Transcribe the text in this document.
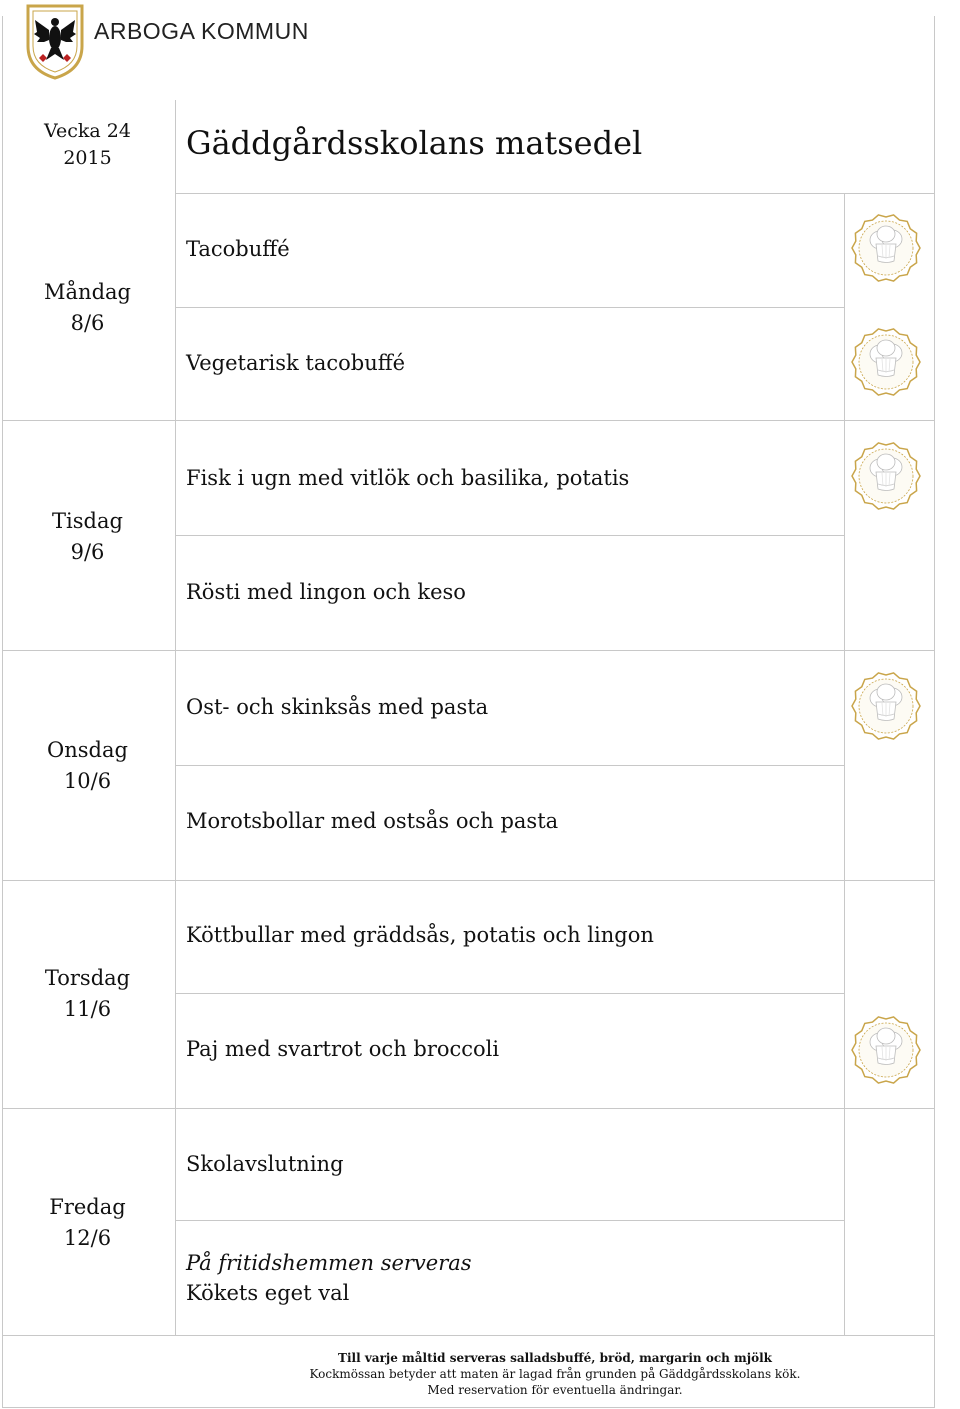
ARBOGA KOMMUN
Vecka 24
2015	Gäddgårdsskolans matsedel
Måndag
8/6
Tacobuffé
Vegetarisk tacobuffé
Tisdag
9/6
Fisk i ugn med vitlök och basilika, potatis
Rösti med lingon och keso
Onsdag
10/6
Ost- och skinksås med pasta
Morotsbollar med ostsås och pasta
Torsdag
11/6
Köttbullar med gräddsås, potatis och lingon
Paj med svartrot och broccoli
Fredag
12/6
Skolavslutning
På fritidshemmen serveras
Kökets eget val
Till varje måltid serveras salladsbuffé, bröd, margarin och mjölk
Kockmössan betyder att maten är lagad från grunden på Gäddgårdsskolans kök.
Med reservation för eventuella ändringar.
